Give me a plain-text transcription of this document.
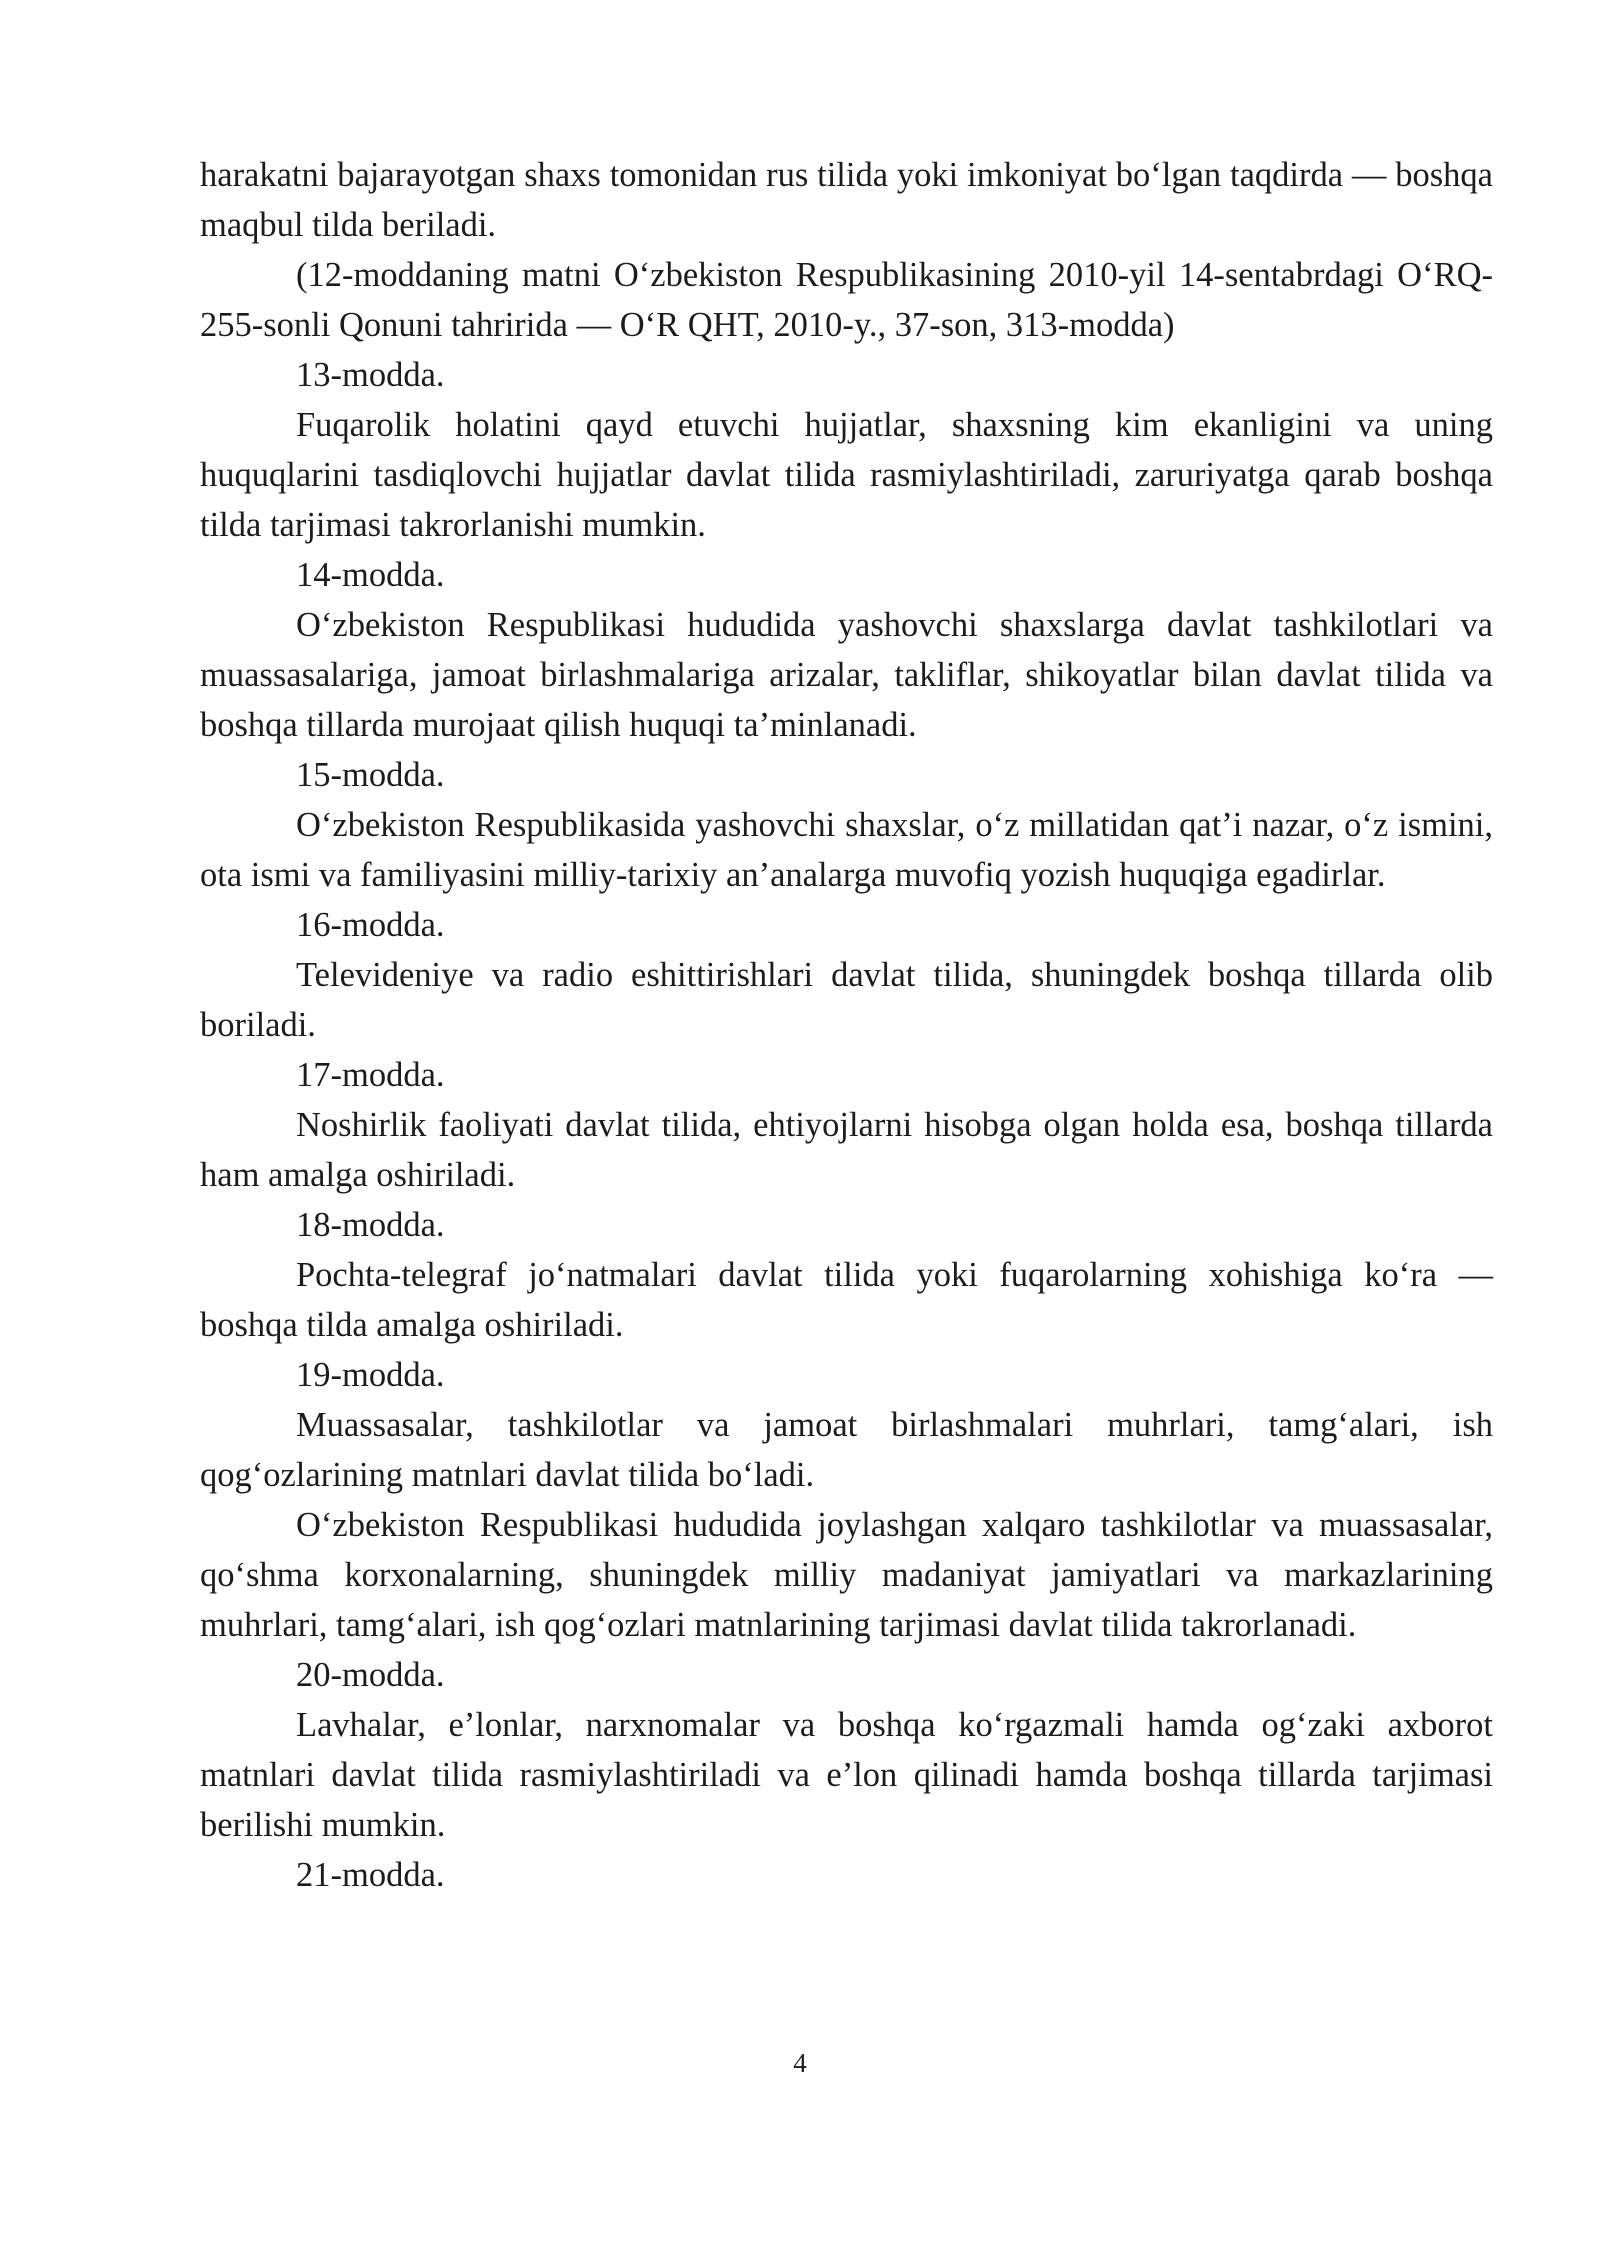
harakatni bajarayotgan shaxs tomonidan rus tilida yoki imkoniyat bo‘lgan taqdirda — boshqa maqbul tilda beriladi.

(12-moddaning matni O‘zbekiston Respublikasining 2010-yil 14-sentabrdagi O‘RQ-255-sonli Qonuni tahririda — O‘R QHT, 2010-y., 37-son, 313-modda)

13-modda.

Fuqarolik holatini qayd etuvchi hujjatlar, shaxsning kim ekanligini va uning huquqlarini tasdiqlovchi hujjatlar davlat tilida rasmiylashtiriladi, zaruriyatga qarab boshqa tilda tarjimasi takrorlanishi mumkin.

14-modda.

O‘zbekiston Respublikasi hududida yashovchi shaxslarga davlat tashkilotlari va muassasalariga, jamoat birlashmalariga arizalar, takliflar, shikoyatlar bilan davlat tilida va boshqa tillarda murojaat qilish huquqi ta’minlanadi.

15-modda.

O‘zbekiston Respublikasida yashovchi shaxslar, o‘z millatidan qat’i nazar, o‘z ismini, ota ismi va familiyasini milliy-tarixiy an’analarga muvofiq yozish huquqiga egadirlar.

16-modda.

Televideniye va radio eshittirishlari davlat tilida, shuningdek boshqa tillarda olib boriladi.

17-modda.

Noshirlik faoliyati davlat tilida, ehtiyojlarni hisobga olgan holda esa, boshqa tillarda ham amalga oshiriladi.

18-modda.

Pochta-telegraf jo‘natmalari davlat tilida yoki fuqarolarning xohishiga ko‘ra — boshqa tilda amalga oshiriladi.

19-modda.

Muassasalar, tashkilotlar va jamoat birlashmalari muhrlari, tamg‘alari, ish qog‘ozlarining matnlari davlat tilida bo‘ladi.

O‘zbekiston Respublikasi hududida joylashgan xalqaro tashkilotlar va muassasalar, qo‘shma korxonalarning, shuningdek milliy madaniyat jamiyatlari va markazlarining muhrlari, tamg‘alari, ish qog‘ozlari matnlarining tarjimasi davlat tilida takrorlanadi.

20-modda.

Lavhalar, e’lonlar, narxnomalar va boshqa ko‘rgazmali hamda og‘zaki axborot matnlari davlat tilida rasmiylashtiriladi va e’lon qilinadi hamda boshqa tillarda tarjimasi berilishi mumkin.

21-modda.

4
